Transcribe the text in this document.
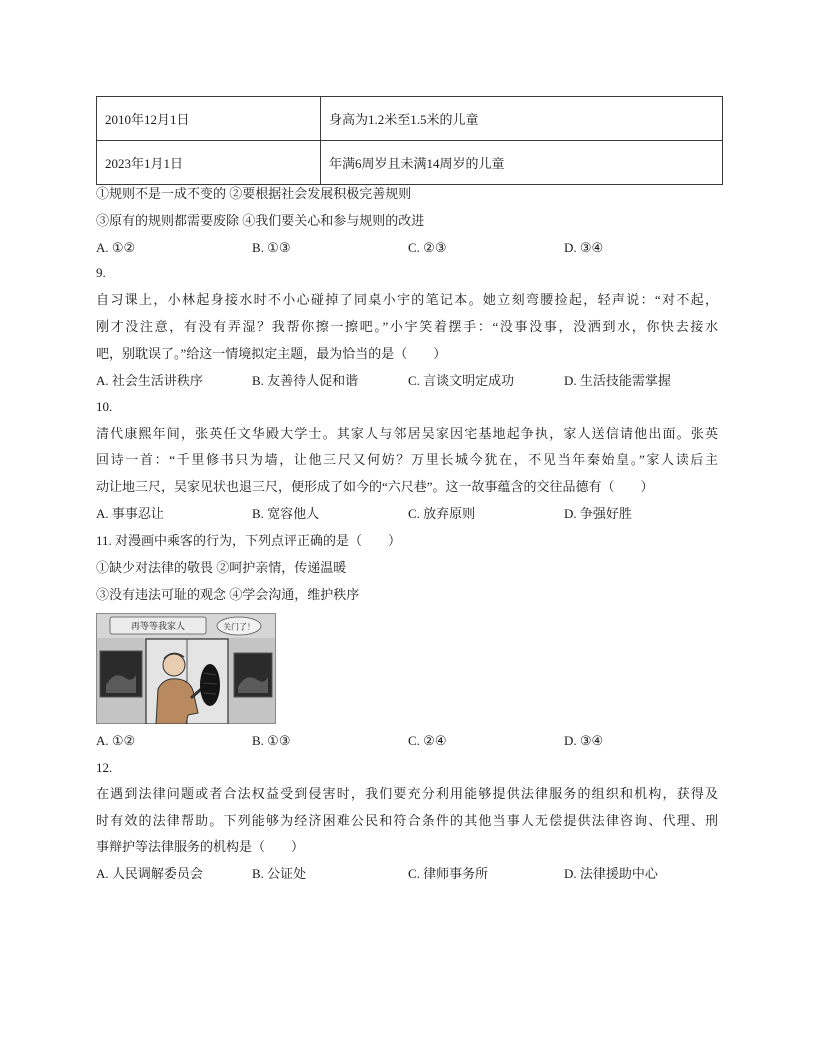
2010年12月1日	身高为1.2米至1.5米的儿童
2023年1月1日	年满6周岁且未满14周岁的儿童
①规则不是一成不变的 ②要根据社会发展积极完善规则
③原有的规则都需要废除 ④我们要关心和参与规则的改进
A. ①②	B. ①③	C. ②③	D. ③④
9.
自习课上，小林起身接水时不小心碰掉了同桌小宇的笔记本。她立刻弯腰捡起，轻声说：“对不起，
刚才没注意，有没有弄湿？我帮你擦一擦吧。”小宇笑着摆手：“没事没事，没洒到水，你快去接水
吧，别耽误了。”给这一情境拟定主题，最为恰当的是（　　）
A. 社会生活讲秩序	B. 友善待人促和谐	C. 言谈文明定成功	D. 生活技能需掌握
10.
清代康熙年间，张英任文华殿大学士。其家人与邻居吴家因宅基地起争执，家人送信请他出面。张英
回诗一首：“千里修书只为墙，让他三尺又何妨？万里长城今犹在，不见当年秦始皇。”家人读后主
动让地三尺，吴家见状也退三尺，便形成了如今的“六尺巷”。这一故事蕴含的交往品德有（　　）
A. 事事忍让	B. 宽容他人	C. 放弃原则	D. 争强好胜
11. 对漫画中乘客的行为，下列点评正确的是（　　）
①缺少对法律的敬畏 ②呵护亲情，传递温暖
③没有违法可耻的观念 ④学会沟通，维护秩序
再等等我家人	关门了！
A. ①②	B. ①③	C. ②④	D. ③④
12.
在遇到法律问题或者合法权益受到侵害时，我们要充分利用能够提供法律服务的组织和机构，获得及
时有效的法律帮助。下列能够为经济困难公民和符合条件的其他当事人无偿提供法律咨询、代理、刑
事辩护等法律服务的机构是（　　）
A. 人民调解委员会	B. 公证处	C. 律师事务所	D. 法律援助中心
